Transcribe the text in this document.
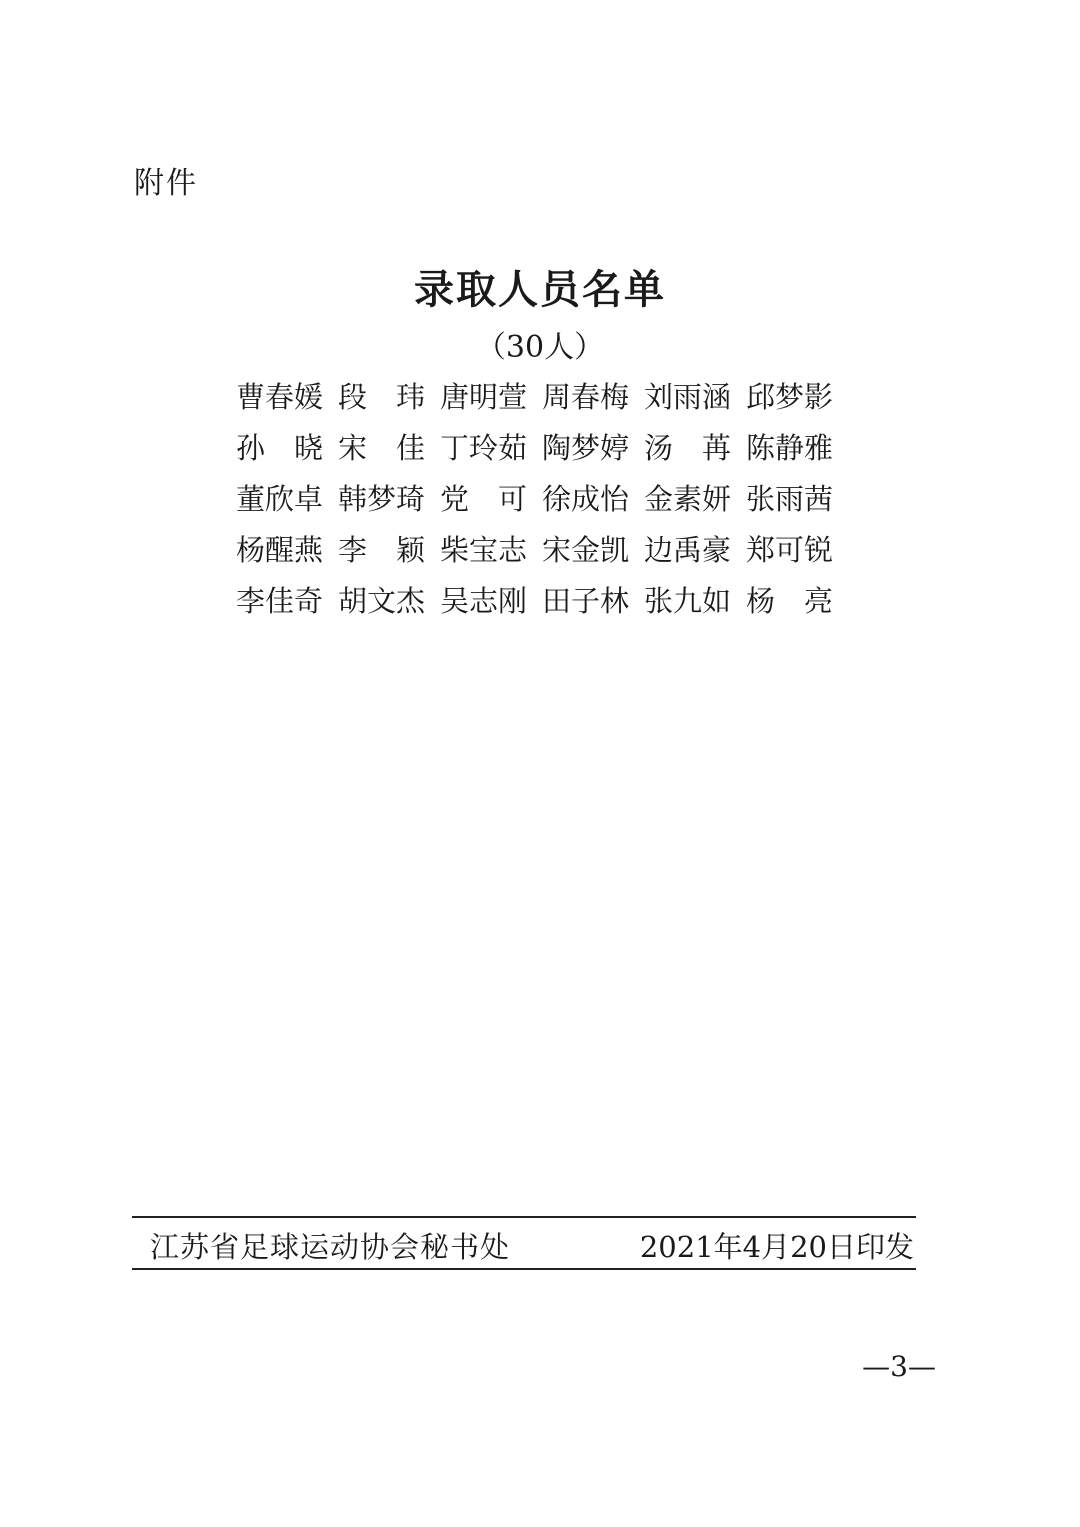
附件
录取人员名单
（30人）
曹 春 媛 段 玮 唐 明 萱 周 春 梅 刘 雨 涵 邱 梦 影
孙 晓 宋 佳 丁 玲 茹 陶 梦 婷 汤 苒 陈 静 雅
董 欣 卓 韩 梦 琦 党 可 徐 成 怡 金 素 妍 张 雨 茜
杨 醒 燕 李 颖 柴 宝 志 宋 金 凯 边 禹 豪 郑 可 锐
李 佳 奇 胡 文 杰 吴 志 刚 田 子 林 张 九 如 杨 亮
江苏省足球运动协会秘书处	2021年4月20日印发
—3—
